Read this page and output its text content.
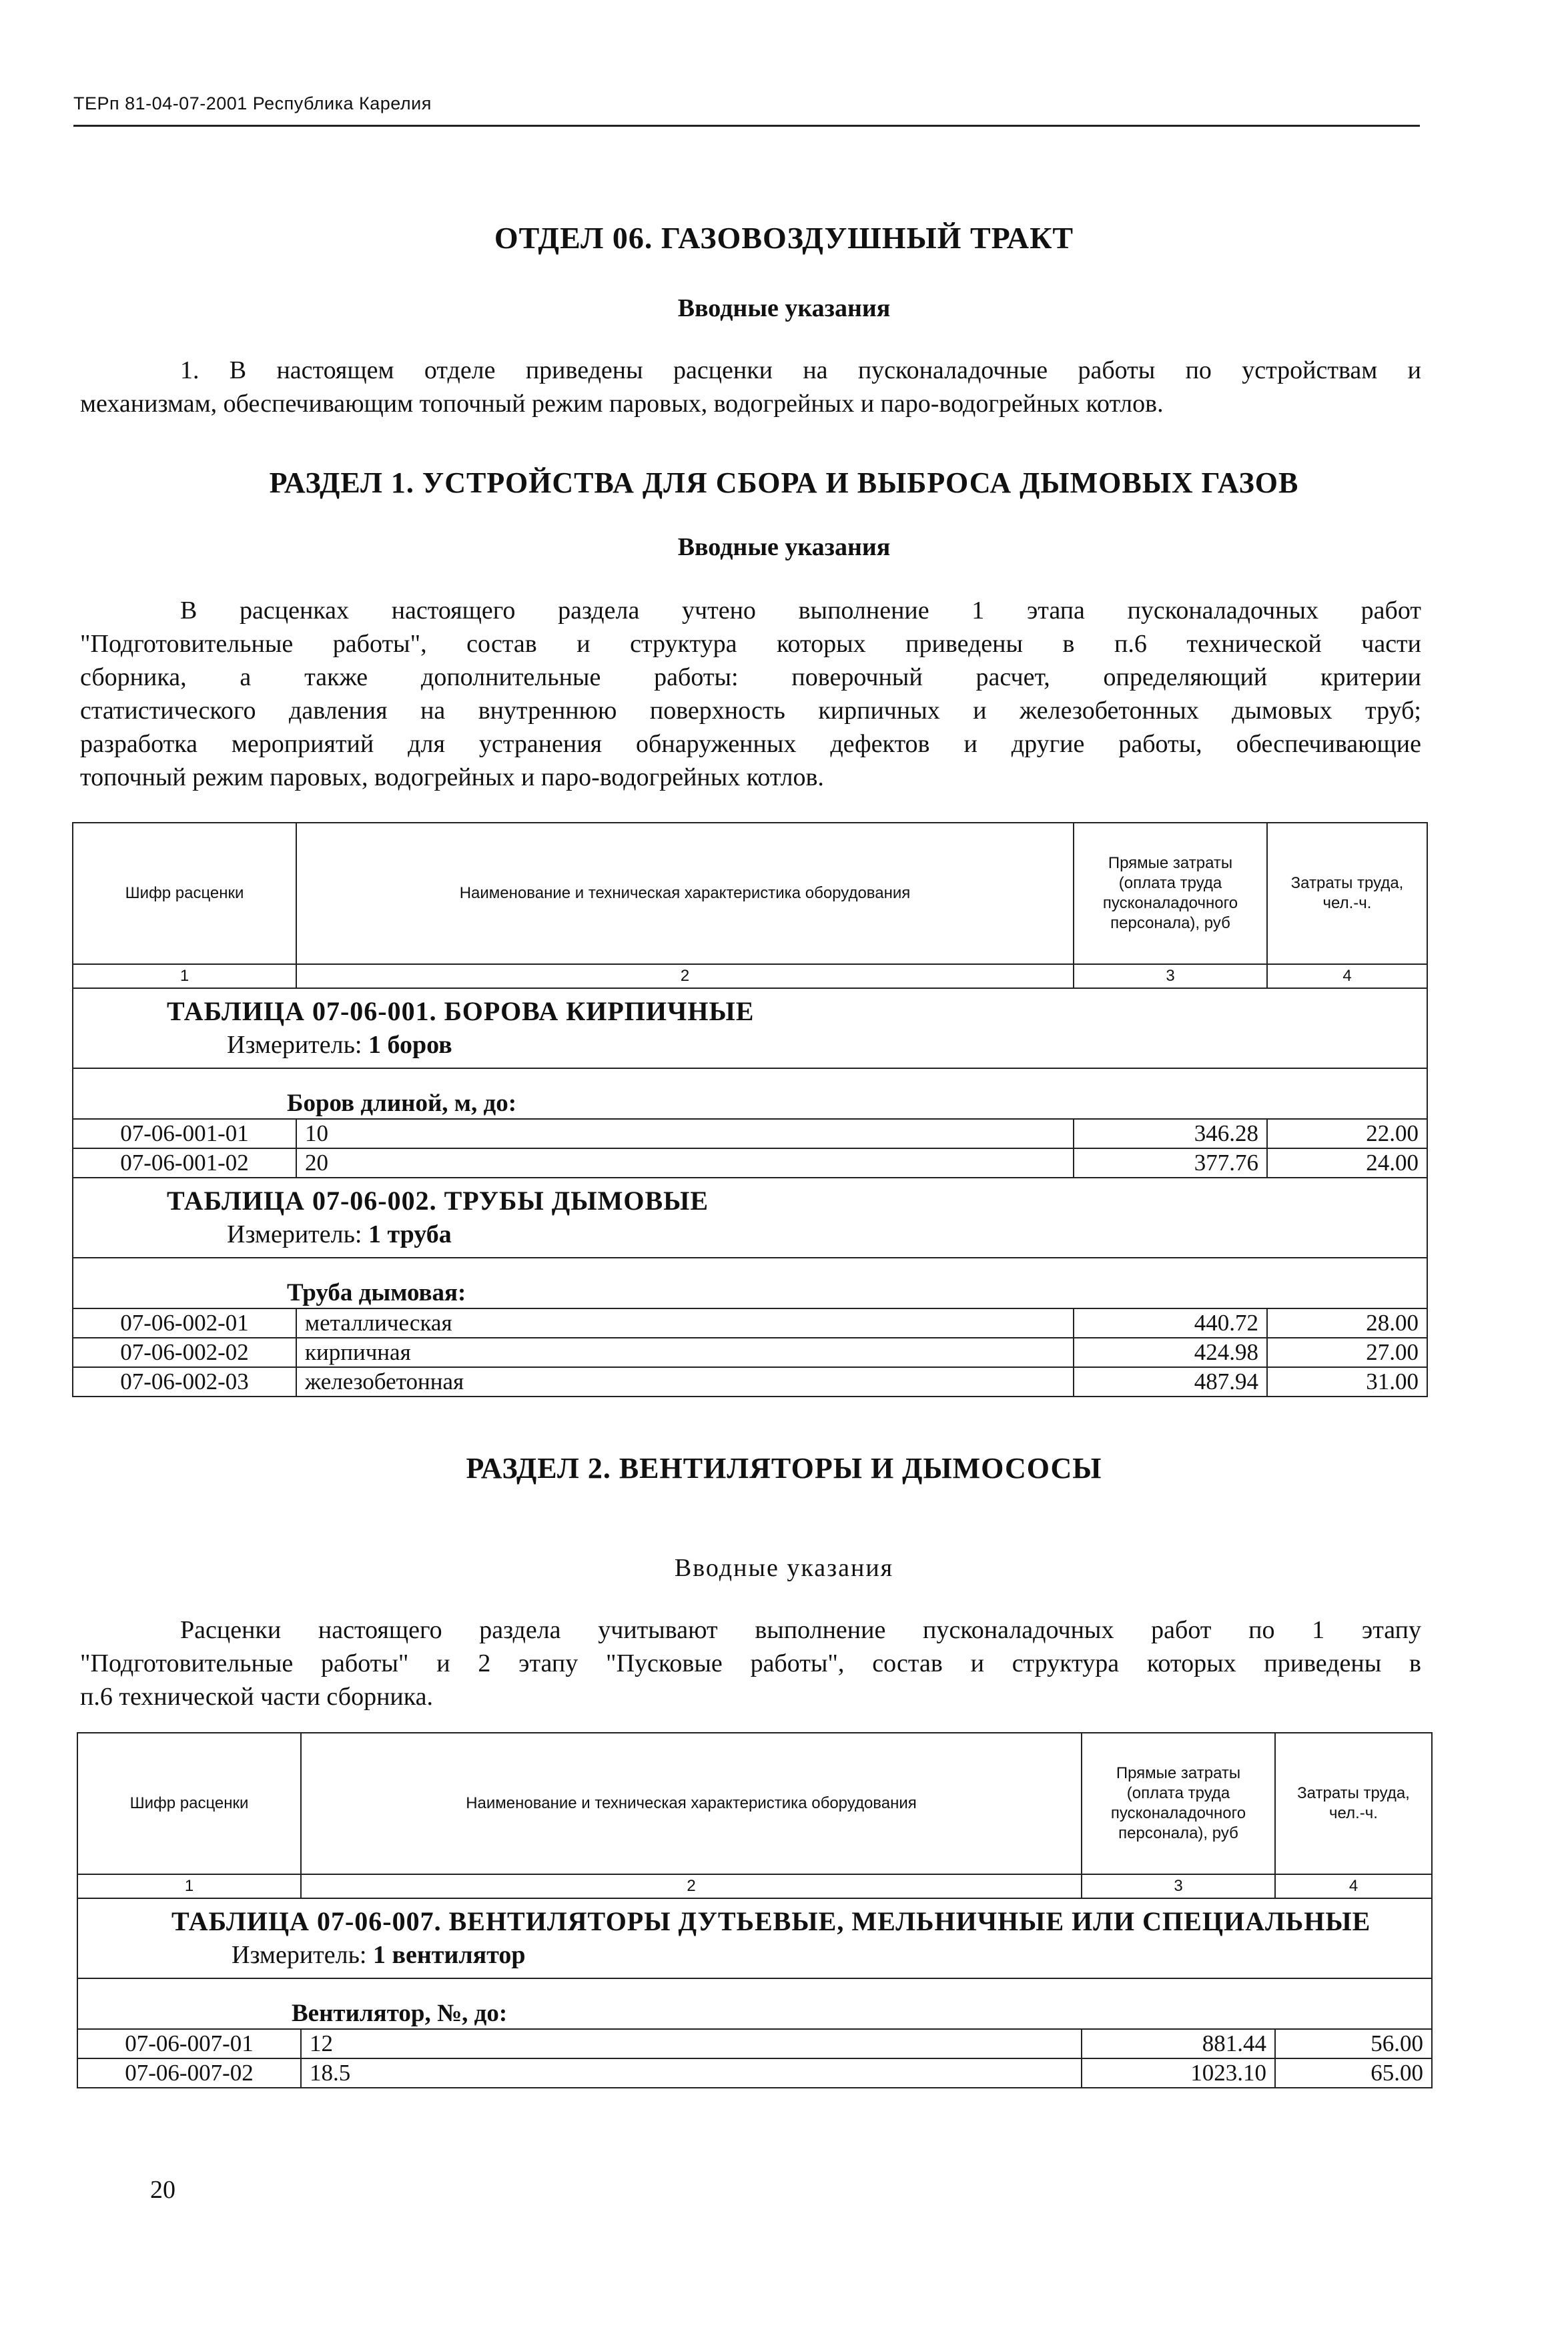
ТЕРп 81-04-07-2001 Республика Карелия
ОТДЕЛ 06. ГАЗОВОЗДУШНЫЙ ТРАКТ
Вводные указания
1. В настоящем отделе приведены расценки на пусконаладочные работы по устройствам и
механизмам, обеспечивающим топочный режим паровых, водогрейных и паро-водогрейных котлов.
РАЗДЕЛ 1. УСТРОЙСТВА ДЛЯ СБОРА И ВЫБРОСА ДЫМОВЫХ ГАЗОВ
Вводные указания
В расценках настоящего раздела учтено выполнение 1 этапа пусконаладочных работ
"Подготовительные работы", состав и структура которых приведены в п.6 технической части
сборника, а также дополнительные работы: поверочный расчет, определяющий критерии
статистического давления на внутреннюю поверхность кирпичных и железобетонных дымовых труб;
разработка мероприятий для устранения обнаруженных дефектов и другие работы, обеспечивающие
топочный режим паровых, водогрейных и паро-водогрейных котлов.
Шифр расценки	Наименование и техническая характеристика оборудования	Прямые затраты (оплата труда пусконаладочного персонала), руб	Затраты труда, чел.-ч.
1	2	3	4

ТАБЛИЦА 07-06-001. БОРОВА КИРПИЧНЫЕ
Измеритель: 1 боров			

Боров длиной, м, до:			
07-06-001-01	10	346.28	22.00
07-06-001-02	20	377.76	24.00

ТАБЛИЦА 07-06-002. ТРУБЫ ДЫМОВЫЕ
Измеритель: 1 труба			

Труба дымовая:			
07-06-002-01	металлическая	440.72	28.00
07-06-002-02	кирпичная	424.98	27.00
07-06-002-03	железобетонная	487.94	31.00
РАЗДЕЛ 2. ВЕНТИЛЯТОРЫ И ДЫМОСОСЫ
Вводные указания
Расценки настоящего раздела учитывают выполнение пусконаладочных работ по 1 этапу
"Подготовительные работы" и 2 этапу "Пусковые работы", состав и структура которых приведены в
п.6 технической части сборника.
Шифр расценки	Наименование и техническая характеристика оборудования	Прямые затраты (оплата труда пусконаладочного персонала), руб	Затраты труда, чел.-ч.
1	2	3	4

ТАБЛИЦА 07-06-007. ВЕНТИЛЯТОРЫ ДУТЬЕВЫЕ, МЕЛЬНИЧНЫЕ ИЛИ СПЕЦИАЛЬНЫЕ
Измеритель: 1 вентилятор			

Вентилятор, №, до:			
07-06-007-01	12	881.44	56.00
07-06-007-02	18.5	1023.10	65.00
20
